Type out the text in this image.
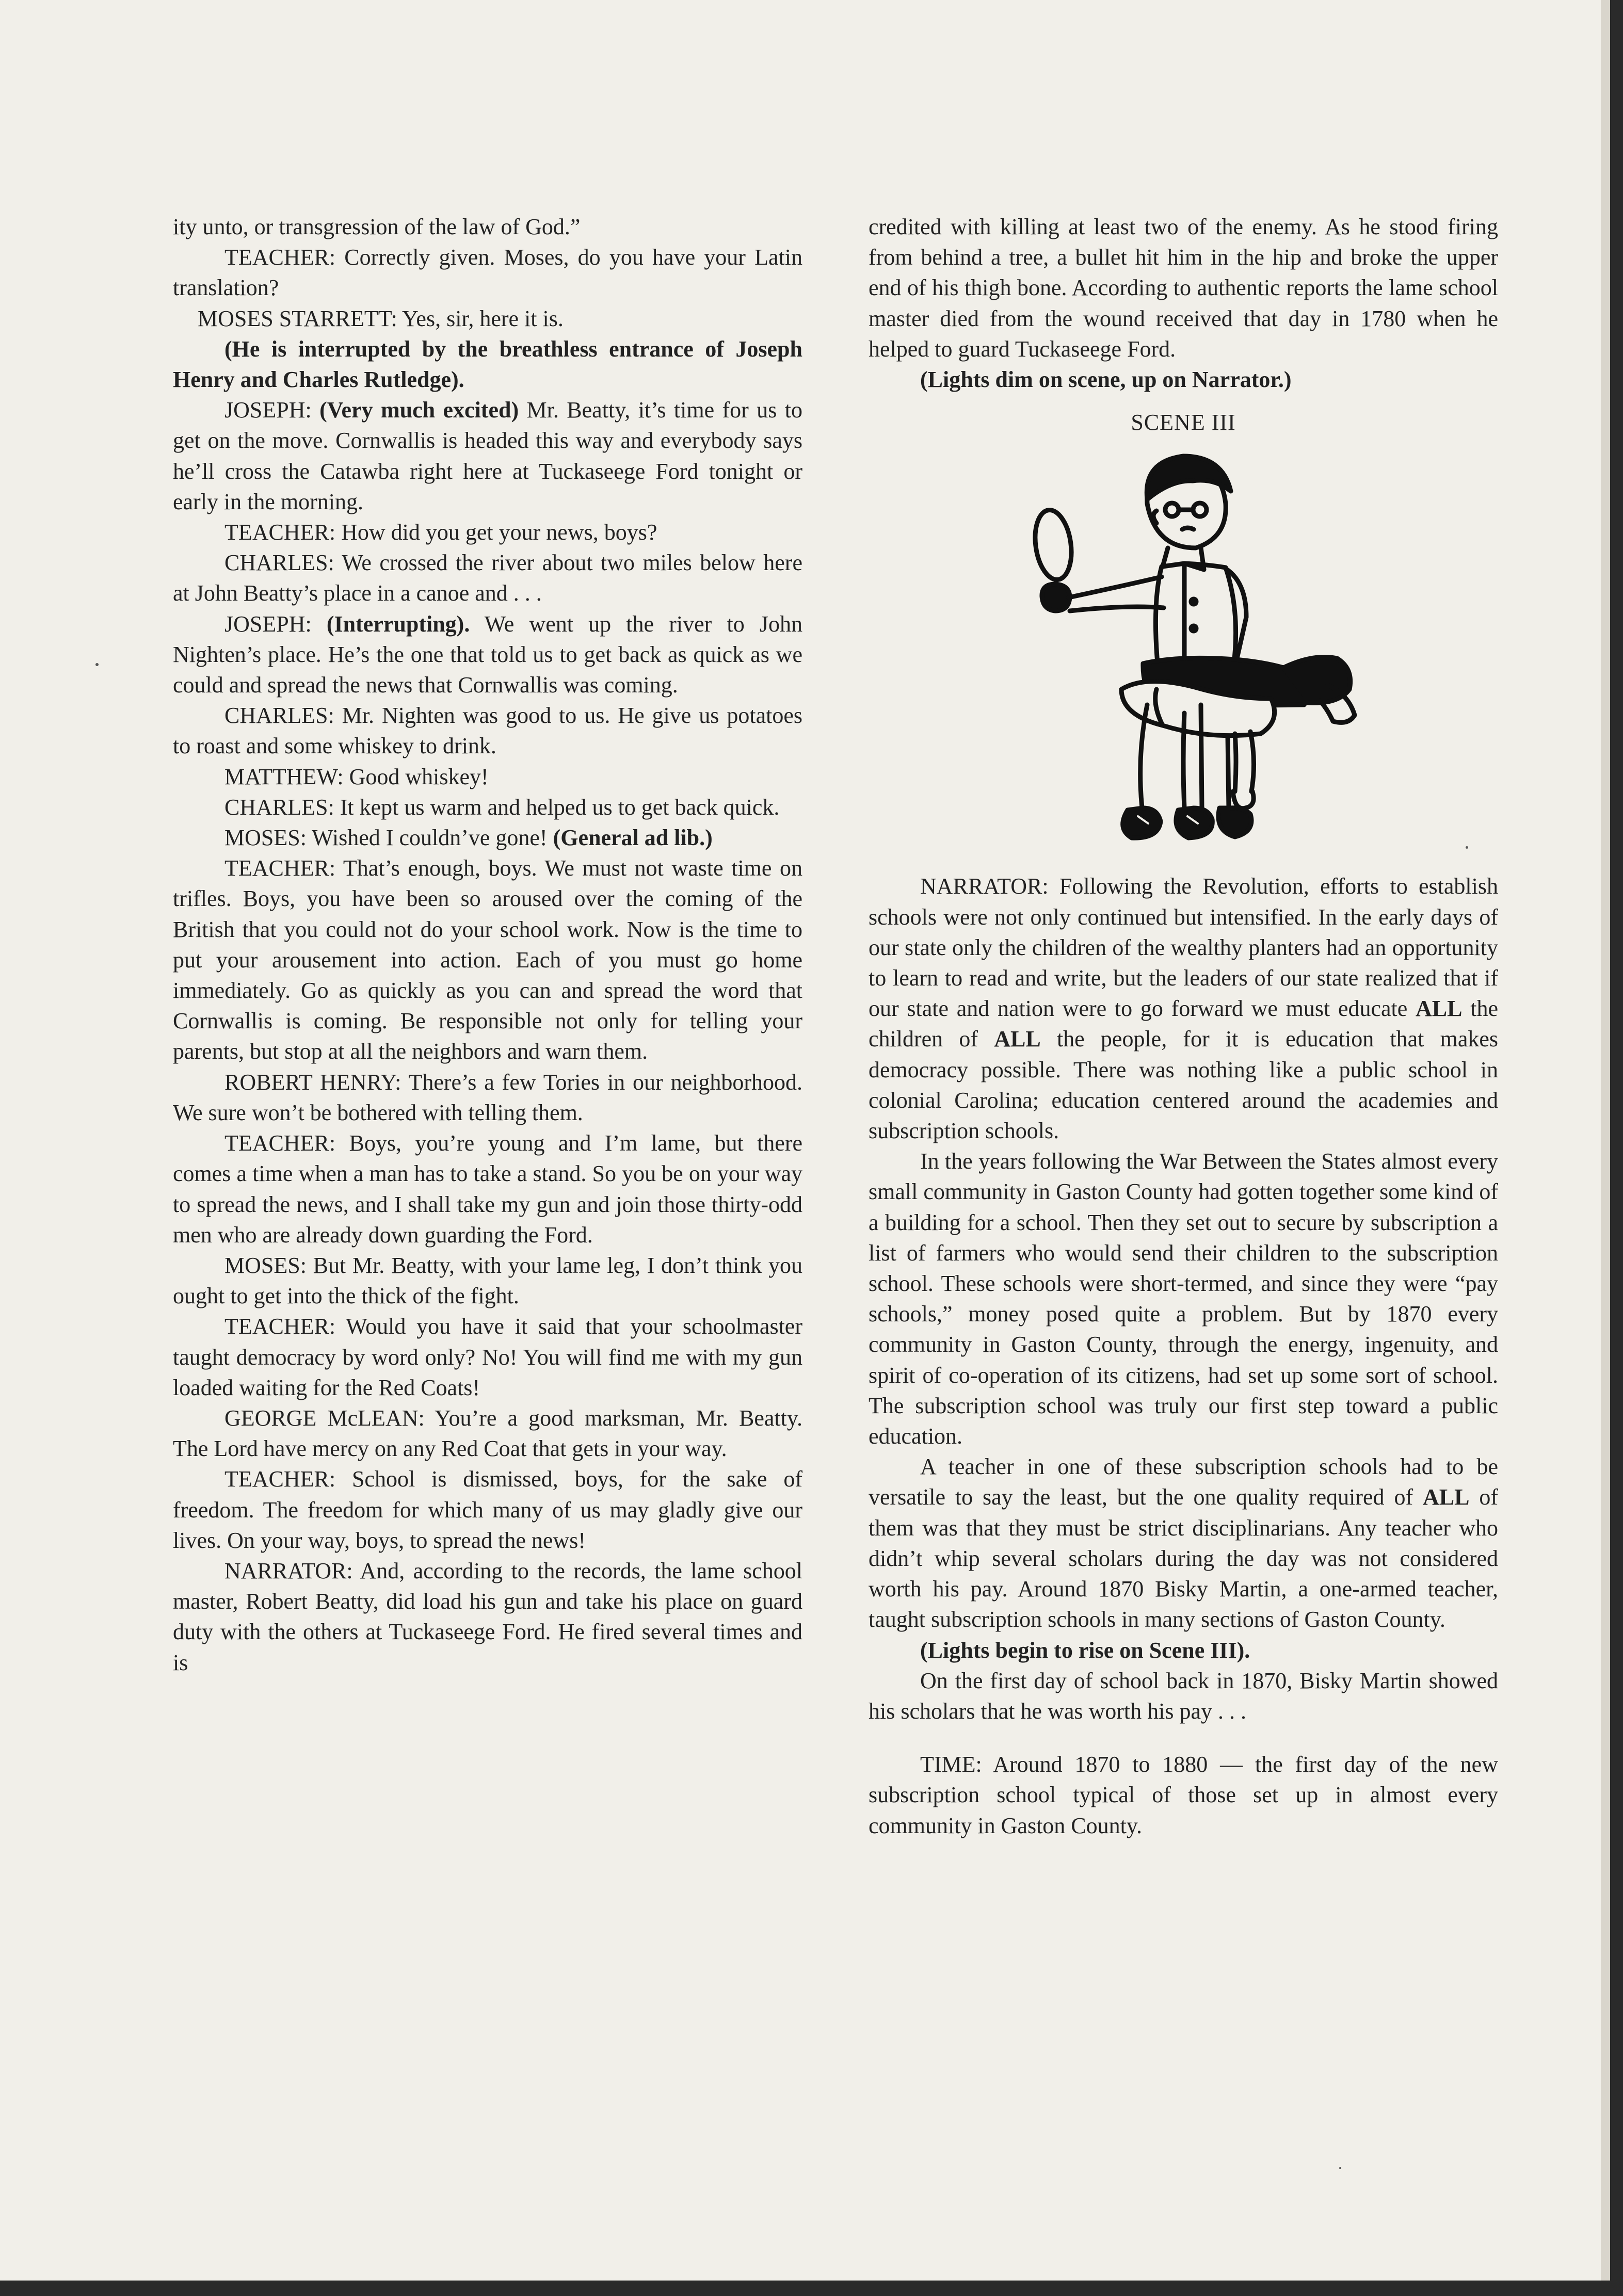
ity unto, or transgression of the law of God.”

TEACHER: Correctly given. Moses, do you have your Latin translation?

MOSES STARRETT: Yes, sir, here it is.

(He is interrupted by the breathless entrance of Joseph Henry and Charles Rutledge).

JOSEPH: (Very much excited) Mr. Beatty, it’s time for us to get on the move. Cornwallis is headed this way and everybody says he’ll cross the Catawba right here at Tuckaseege Ford tonight or early in the morning.

TEACHER: How did you get your news, boys?

CHARLES: We crossed the river about two miles below here at John Beatty’s place in a canoe and . . .

JOSEPH: (Interrupting). We went up the river to John Nighten’s place. He’s the one that told us to get back as quick as we could and spread the news that Cornwallis was coming.

CHARLES: Mr. Nighten was good to us. He give us potatoes to roast and some whiskey to drink.

MATTHEW: Good whiskey!

CHARLES: It kept us warm and helped us to get back quick.

MOSES: Wished I couldn’ve gone! (General ad lib.)

TEACHER: That’s enough, boys. We must not waste time on trifles. Boys, you have been so aroused over the coming of the British that you could not do your school work. Now is the time to put your arousement into action. Each of you must go home immediately. Go as quickly as you can and spread the word that Cornwallis is coming. Be responsible not only for telling your parents, but stop at all the neighbors and warn them.

ROBERT HENRY: There’s a few Tories in our neighborhood. We sure won’t be bothered with telling them.

TEACHER: Boys, you’re young and I’m lame, but there comes a time when a man has to take a stand. So you be on your way to spread the news, and I shall take my gun and join those thirty-odd men who are already down guarding the Ford.

MOSES: But Mr. Beatty, with your lame leg, I don’t think you ought to get into the thick of the fight.

TEACHER: Would you have it said that your schoolmaster taught democracy by word only? No! You will find me with my gun loaded waiting for the Red Coats!

GEORGE McLEAN: You’re a good marksman, Mr. Beatty. The Lord have mercy on any Red Coat that gets in your way.

TEACHER: School is dismissed, boys, for the sake of freedom. The freedom for which many of us may gladly give our lives. On your way, boys, to spread the news!

NARRATOR: And, according to the records, the lame school master, Robert Beatty, did load his gun and take his place on guard duty with the others at Tuckaseege Ford. He fired several times and is

credited with killing at least two of the enemy. As he stood firing from behind a tree, a bullet hit him in the hip and broke the upper end of his thigh bone. According to authentic reports the lame school master died from the wound received that day in 1780 when he helped to guard Tuckaseege Ford.

(Lights dim on scene, up on Narrator.)

SCENE III

NARRATOR: Following the Revolution, efforts to establish schools were not only continued but intensified. In the early days of our state only the children of the wealthy planters had an opportunity to learn to read and write, but the leaders of our state realized that if our state and nation were to go forward we must educate ALL the children of ALL the people, for it is education that makes democracy possible. There was nothing like a public school in colonial Carolina; education centered around the academies and subscription schools.

In the years following the War Between the States almost every small community in Gaston County had gotten together some kind of a building for a school. Then they set out to secure by subscription a list of farmers who would send their children to the subscription school. These schools were short-termed, and since they were “pay schools,” money posed quite a problem. But by 1870 every community in Gaston County, through the energy, ingenuity, and spirit of co-operation of its citizens, had set up some sort of school. The subscription school was truly our first step toward a public education.

A teacher in one of these subscription schools had to be versatile to say the least, but the one quality required of ALL of them was that they must be strict disciplinarians. Any teacher who didn’t whip several scholars during the day was not considered worth his pay. Around 1870 Bisky Martin, a one-armed teacher, taught subscription schools in many sections of Gaston County.

(Lights begin to rise on Scene III).

On the first day of school back in 1870, Bisky Martin showed his scholars that he was worth his pay . . .

TIME: Around 1870 to 1880 — the first day of the new subscription school typical of those set up in almost every community in Gaston County.
